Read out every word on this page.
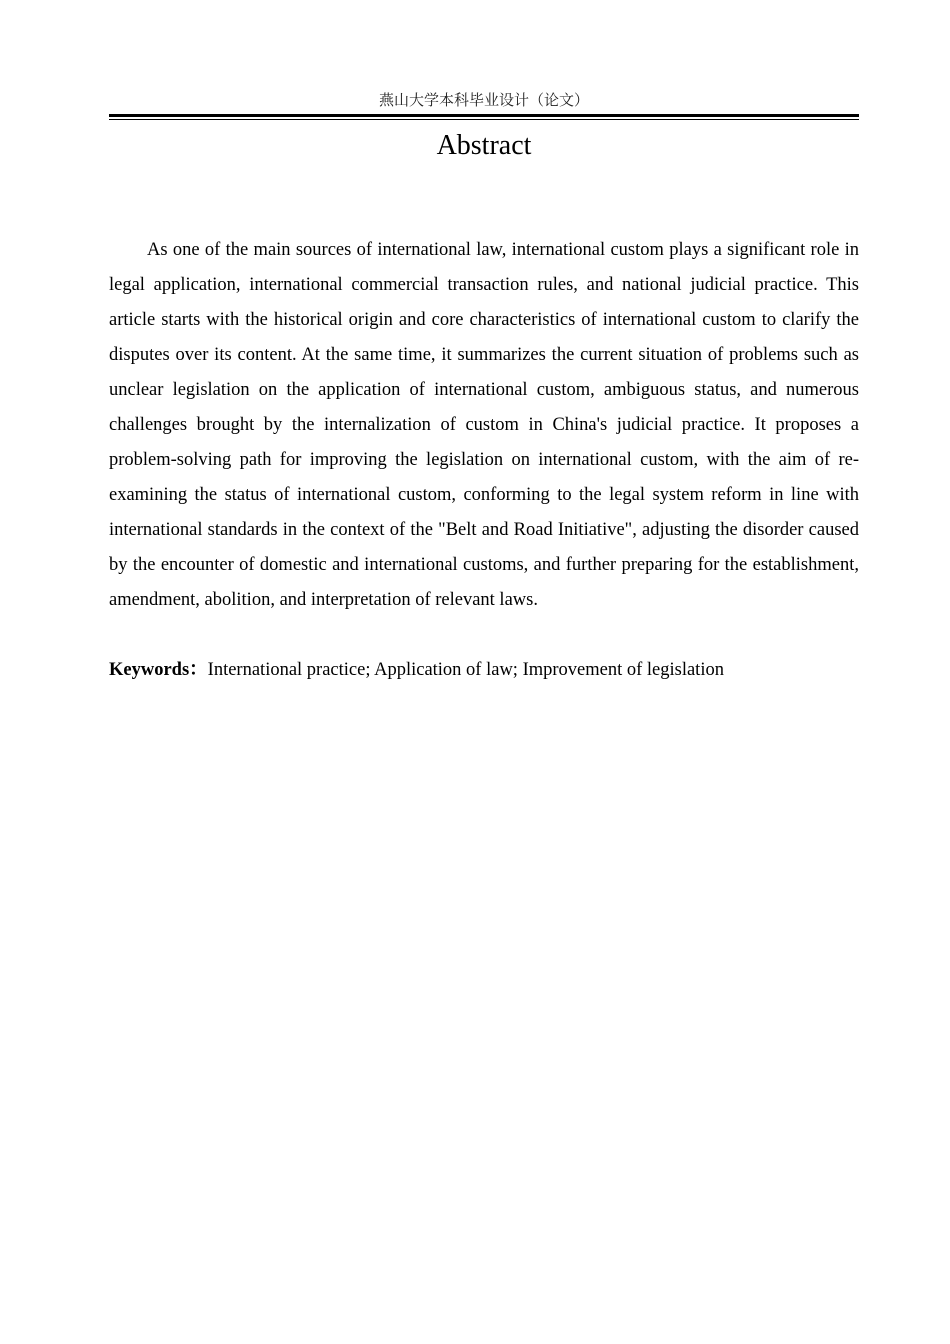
燕山大学本科毕业设计（论文）
Abstract

As one of the main sources of international law, international custom plays a significant role in legal application, international commercial transaction rules, and national judicial practice. This article starts with the historical origin and core characteristics of international custom to clarify the disputes over its content. At the same time, it summarizes the current situation of problems such as unclear legislation on the application of international custom, ambiguous status, and numerous challenges brought by the internalization of custom in China's judicial practice. It proposes a problem-solving path for improving the legislation on international custom, with the aim of re-examining the status of international custom, conforming to the legal system reform in line with international standards in the context of the "Belt and Road Initiative", adjusting the disorder caused by the encounter of domestic and international customs, and further preparing for the establishment, amendment, abolition, and interpretation of relevant laws.

Keywords：International practice; Application of law; Improvement of legislation
